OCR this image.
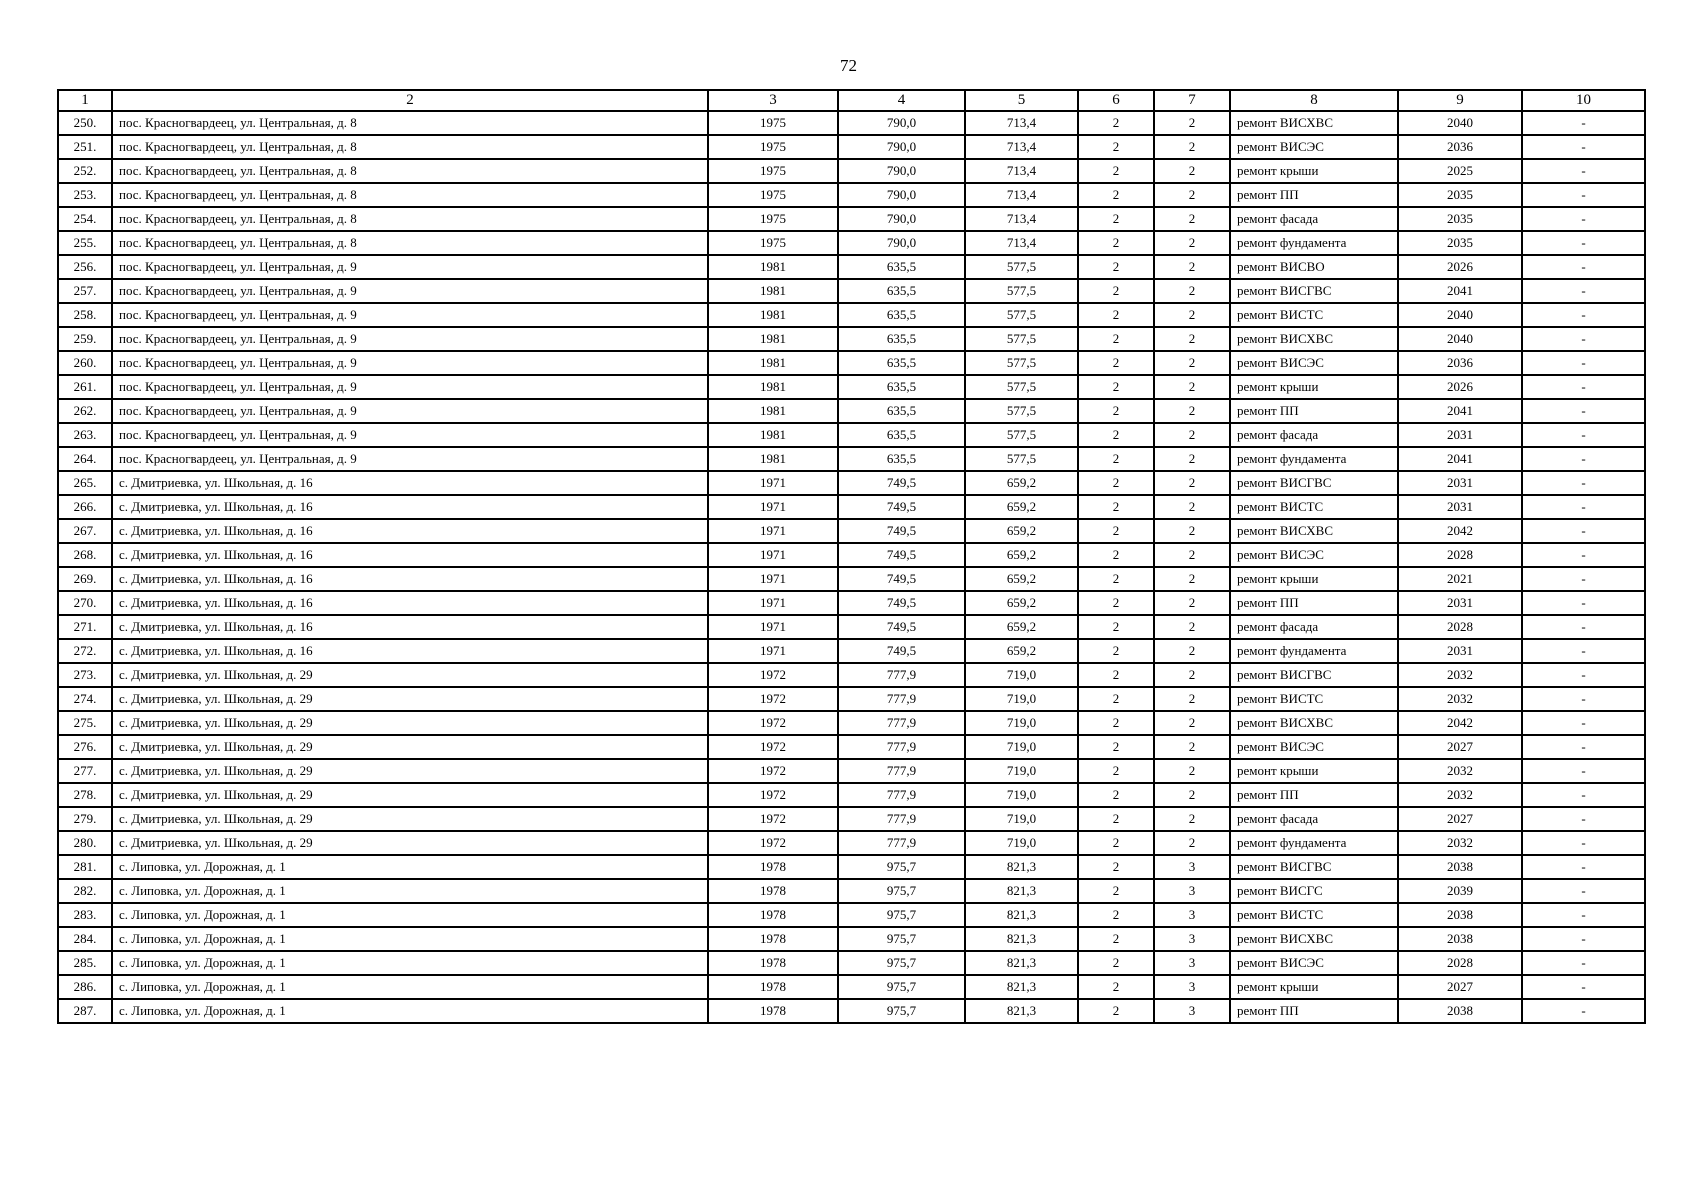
72
1	2	3	4	5	6	7	8	9	10
250.	пос. Красногвардеец, ул. Центральная, д. 8	1975	790,0	713,4	2	2	ремонт ВИСХВС	2040	-
251.	пос. Красногвардеец, ул. Центральная, д. 8	1975	790,0	713,4	2	2	ремонт ВИСЭС	2036	-
252.	пос. Красногвардеец, ул. Центральная, д. 8	1975	790,0	713,4	2	2	ремонт крыши	2025	-
253.	пос. Красногвардеец, ул. Центральная, д. 8	1975	790,0	713,4	2	2	ремонт ПП	2035	-
254.	пос. Красногвардеец, ул. Центральная, д. 8	1975	790,0	713,4	2	2	ремонт фасада	2035	-
255.	пос. Красногвардеец, ул. Центральная, д. 8	1975	790,0	713,4	2	2	ремонт фундамента	2035	-
256.	пос. Красногвардеец, ул. Центральная, д. 9	1981	635,5	577,5	2	2	ремонт ВИСВО	2026	-
257.	пос. Красногвардеец, ул. Центральная, д. 9	1981	635,5	577,5	2	2	ремонт ВИСГВС	2041	-
258.	пос. Красногвардеец, ул. Центральная, д. 9	1981	635,5	577,5	2	2	ремонт ВИСТС	2040	-
259.	пос. Красногвардеец, ул. Центральная, д. 9	1981	635,5	577,5	2	2	ремонт ВИСХВС	2040	-
260.	пос. Красногвардеец, ул. Центральная, д. 9	1981	635,5	577,5	2	2	ремонт ВИСЭС	2036	-
261.	пос. Красногвардеец, ул. Центральная, д. 9	1981	635,5	577,5	2	2	ремонт крыши	2026	-
262.	пос. Красногвардеец, ул. Центральная, д. 9	1981	635,5	577,5	2	2	ремонт ПП	2041	-
263.	пос. Красногвардеец, ул. Центральная, д. 9	1981	635,5	577,5	2	2	ремонт фасада	2031	-
264.	пос. Красногвардеец, ул. Центральная, д. 9	1981	635,5	577,5	2	2	ремонт фундамента	2041	-
265.	с. Дмитриевка, ул. Школьная, д. 16	1971	749,5	659,2	2	2	ремонт ВИСГВС	2031	-
266.	с. Дмитриевка, ул. Школьная, д. 16	1971	749,5	659,2	2	2	ремонт ВИСТС	2031	-
267.	с. Дмитриевка, ул. Школьная, д. 16	1971	749,5	659,2	2	2	ремонт ВИСХВС	2042	-
268.	с. Дмитриевка, ул. Школьная, д. 16	1971	749,5	659,2	2	2	ремонт ВИСЭС	2028	-
269.	с. Дмитриевка, ул. Школьная, д. 16	1971	749,5	659,2	2	2	ремонт крыши	2021	-
270.	с. Дмитриевка, ул. Школьная, д. 16	1971	749,5	659,2	2	2	ремонт ПП	2031	-
271.	с. Дмитриевка, ул. Школьная, д. 16	1971	749,5	659,2	2	2	ремонт фасада	2028	-
272.	с. Дмитриевка, ул. Школьная, д. 16	1971	749,5	659,2	2	2	ремонт фундамента	2031	-
273.	с. Дмитриевка, ул. Школьная, д. 29	1972	777,9	719,0	2	2	ремонт ВИСГВС	2032	-
274.	с. Дмитриевка, ул. Школьная, д. 29	1972	777,9	719,0	2	2	ремонт ВИСТС	2032	-
275.	с. Дмитриевка, ул. Школьная, д. 29	1972	777,9	719,0	2	2	ремонт ВИСХВС	2042	-
276.	с. Дмитриевка, ул. Школьная, д. 29	1972	777,9	719,0	2	2	ремонт ВИСЭС	2027	-
277.	с. Дмитриевка, ул. Школьная, д. 29	1972	777,9	719,0	2	2	ремонт крыши	2032	-
278.	с. Дмитриевка, ул. Школьная, д. 29	1972	777,9	719,0	2	2	ремонт ПП	2032	-
279.	с. Дмитриевка, ул. Школьная, д. 29	1972	777,9	719,0	2	2	ремонт фасада	2027	-
280.	с. Дмитриевка, ул. Школьная, д. 29	1972	777,9	719,0	2	2	ремонт фундамента	2032	-
281.	с. Липовка, ул. Дорожная, д. 1	1978	975,7	821,3	2	3	ремонт ВИСГВС	2038	-
282.	с. Липовка, ул. Дорожная, д. 1	1978	975,7	821,3	2	3	ремонт ВИСГС	2039	-
283.	с. Липовка, ул. Дорожная, д. 1	1978	975,7	821,3	2	3	ремонт ВИСТС	2038	-
284.	с. Липовка, ул. Дорожная, д. 1	1978	975,7	821,3	2	3	ремонт ВИСХВС	2038	-
285.	с. Липовка, ул. Дорожная, д. 1	1978	975,7	821,3	2	3	ремонт ВИСЭС	2028	-
286.	с. Липовка, ул. Дорожная, д. 1	1978	975,7	821,3	2	3	ремонт крыши	2027	-
287.	с. Липовка, ул. Дорожная, д. 1	1978	975,7	821,3	2	3	ремонт ПП	2038	-
